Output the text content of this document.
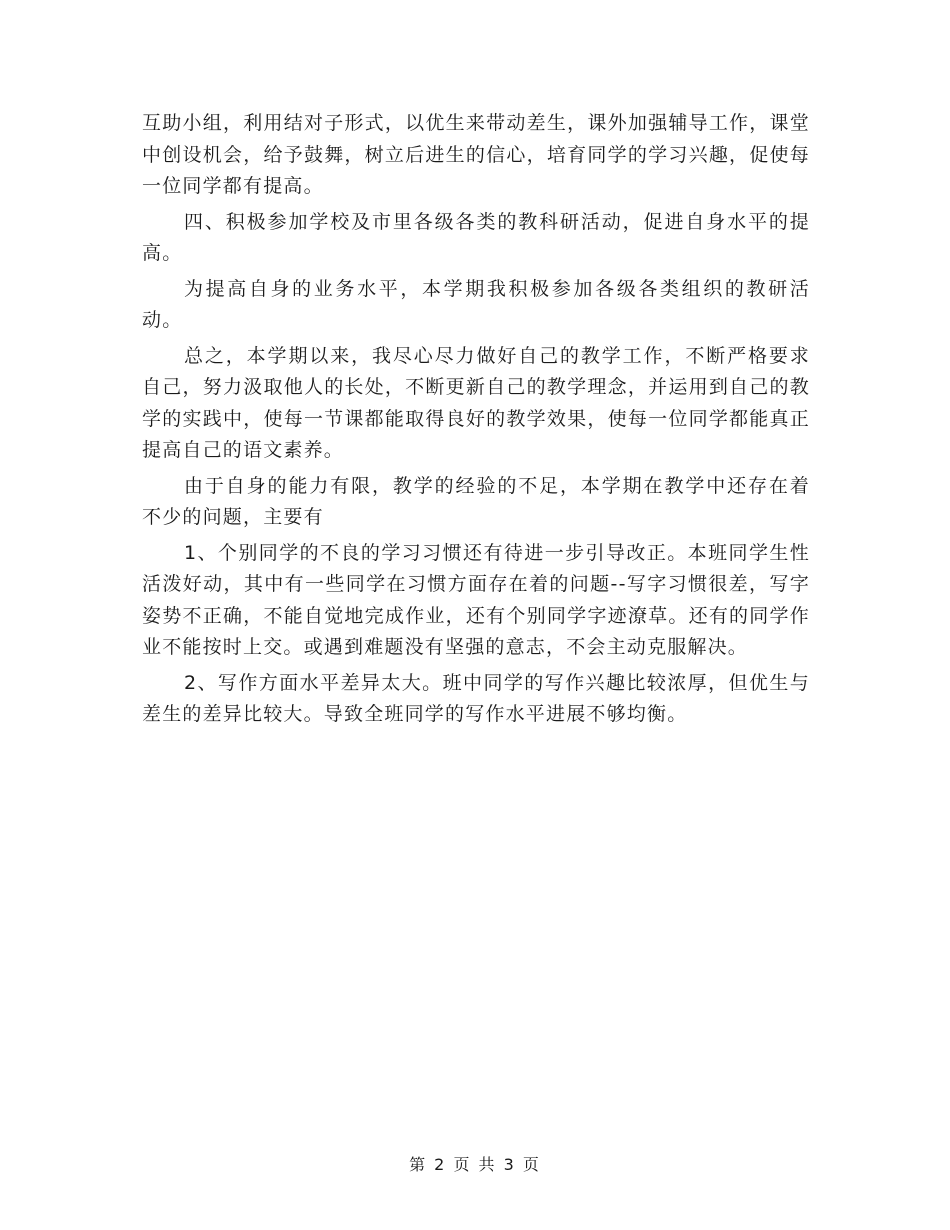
互助小组，利用结对子形式，以优生来带动差生，课外加强辅导工作，课堂中创设机会，给予鼓舞，树立后进生的信心，培育同学的学习兴趣，促使每一位同学都有提高。

四、积极参加学校及市里各级各类的教科研活动，促进自身水平的提高。

为提高自身的业务水平，本学期我积极参加各级各类组织的教研活动。

总之，本学期以来，我尽心尽力做好自己的教学工作，不断严格要求自己，努力汲取他人的长处，不断更新自己的教学理念，并运用到自己的教学的实践中，使每一节课都能取得良好的教学效果，使每一位同学都能真正提高自己的语文素养。

由于自身的能力有限，教学的经验的不足，本学期在教学中还存在着不少的问题，主要有

1、个别同学的不良的学习习惯还有待进一步引导改正。本班同学生性活泼好动，其中有一些同学在习惯方面存在着的问题--写字习惯很差，写字姿势不正确，不能自觉地完成作业，还有个别同学字迹潦草。还有的同学作业不能按时上交。或遇到难题没有坚强的意志，不会主动克服解决。

2、写作方面水平差异太大。班中同学的写作兴趣比较浓厚，但优生与差生的差异比较大。导致全班同学的写作水平进展不够均衡。

第 2 页 共 3 页
